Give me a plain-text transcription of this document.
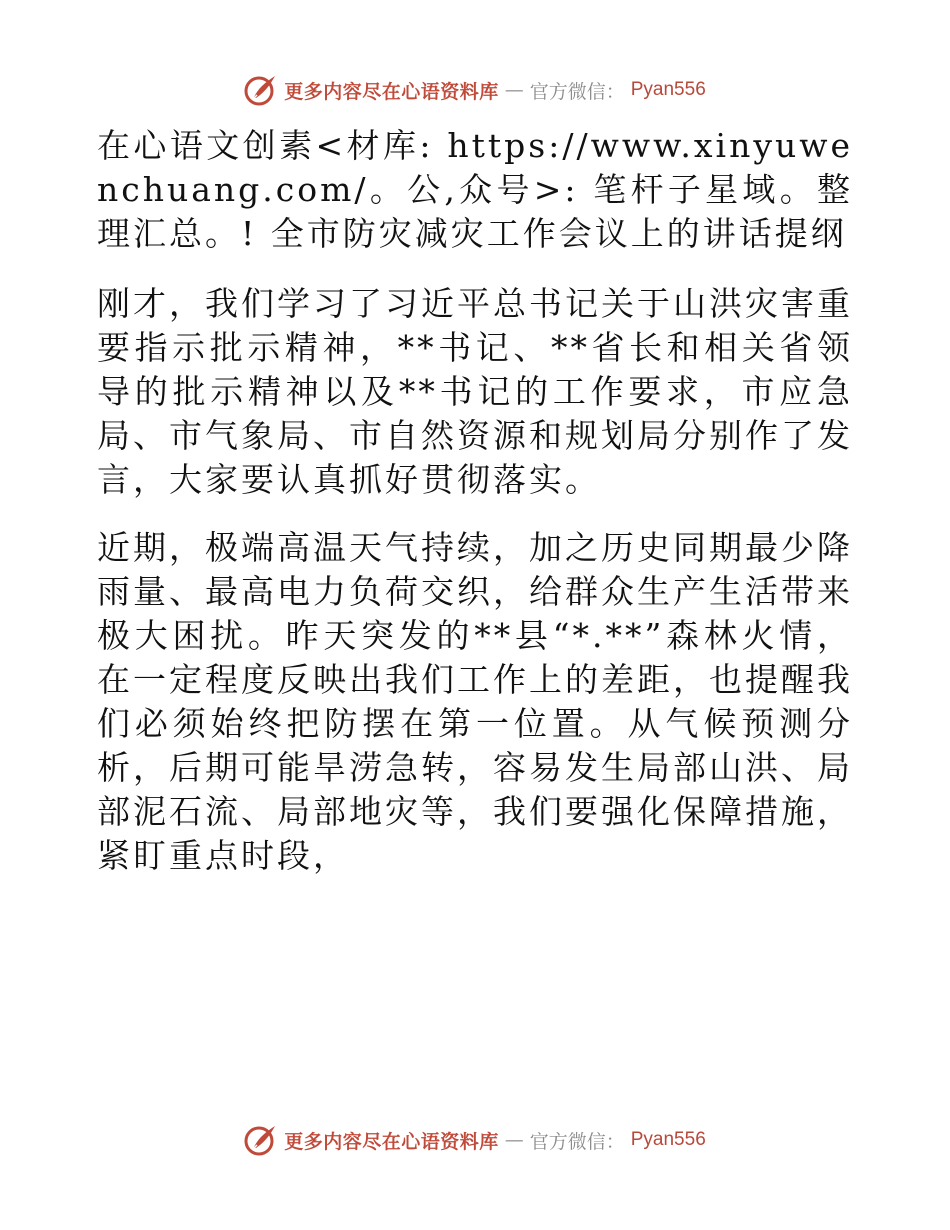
更多内容尽在心语资料库 — 官方微信： Pyan556

在心语文创素<材库: https://www.xinyuwenchuang.com/。公,众号>: 笔杆子星域。整理汇总。! 全市防灾减灾工作会议上的讲话提纲

刚才，我们学习了习近平总书记关于山洪灾害重要指示批示精神，**书记、**省长和相关省领导的批示精神以及**书记的工作要求，市应急局、市气象局、市自然资源和规划局分别作了发言，大家要认真抓好贯彻落实。

近期，极端高温天气持续，加之历史同期最少降雨量、最高电力负荷交织，给群众生产生活带来极大困扰。昨天突发的**县“*.**”森林火情，在一定程度反映出我们工作上的差距，也提醒我们必须始终把防摆在第一位置。从气候预测分析，后期可能旱涝急转，容易发生局部山洪、局部泥石流、局部地灾等，我们要强化保障措施，紧盯重点时段，

更多内容尽在心语资料库 — 官方微信： Pyan556
